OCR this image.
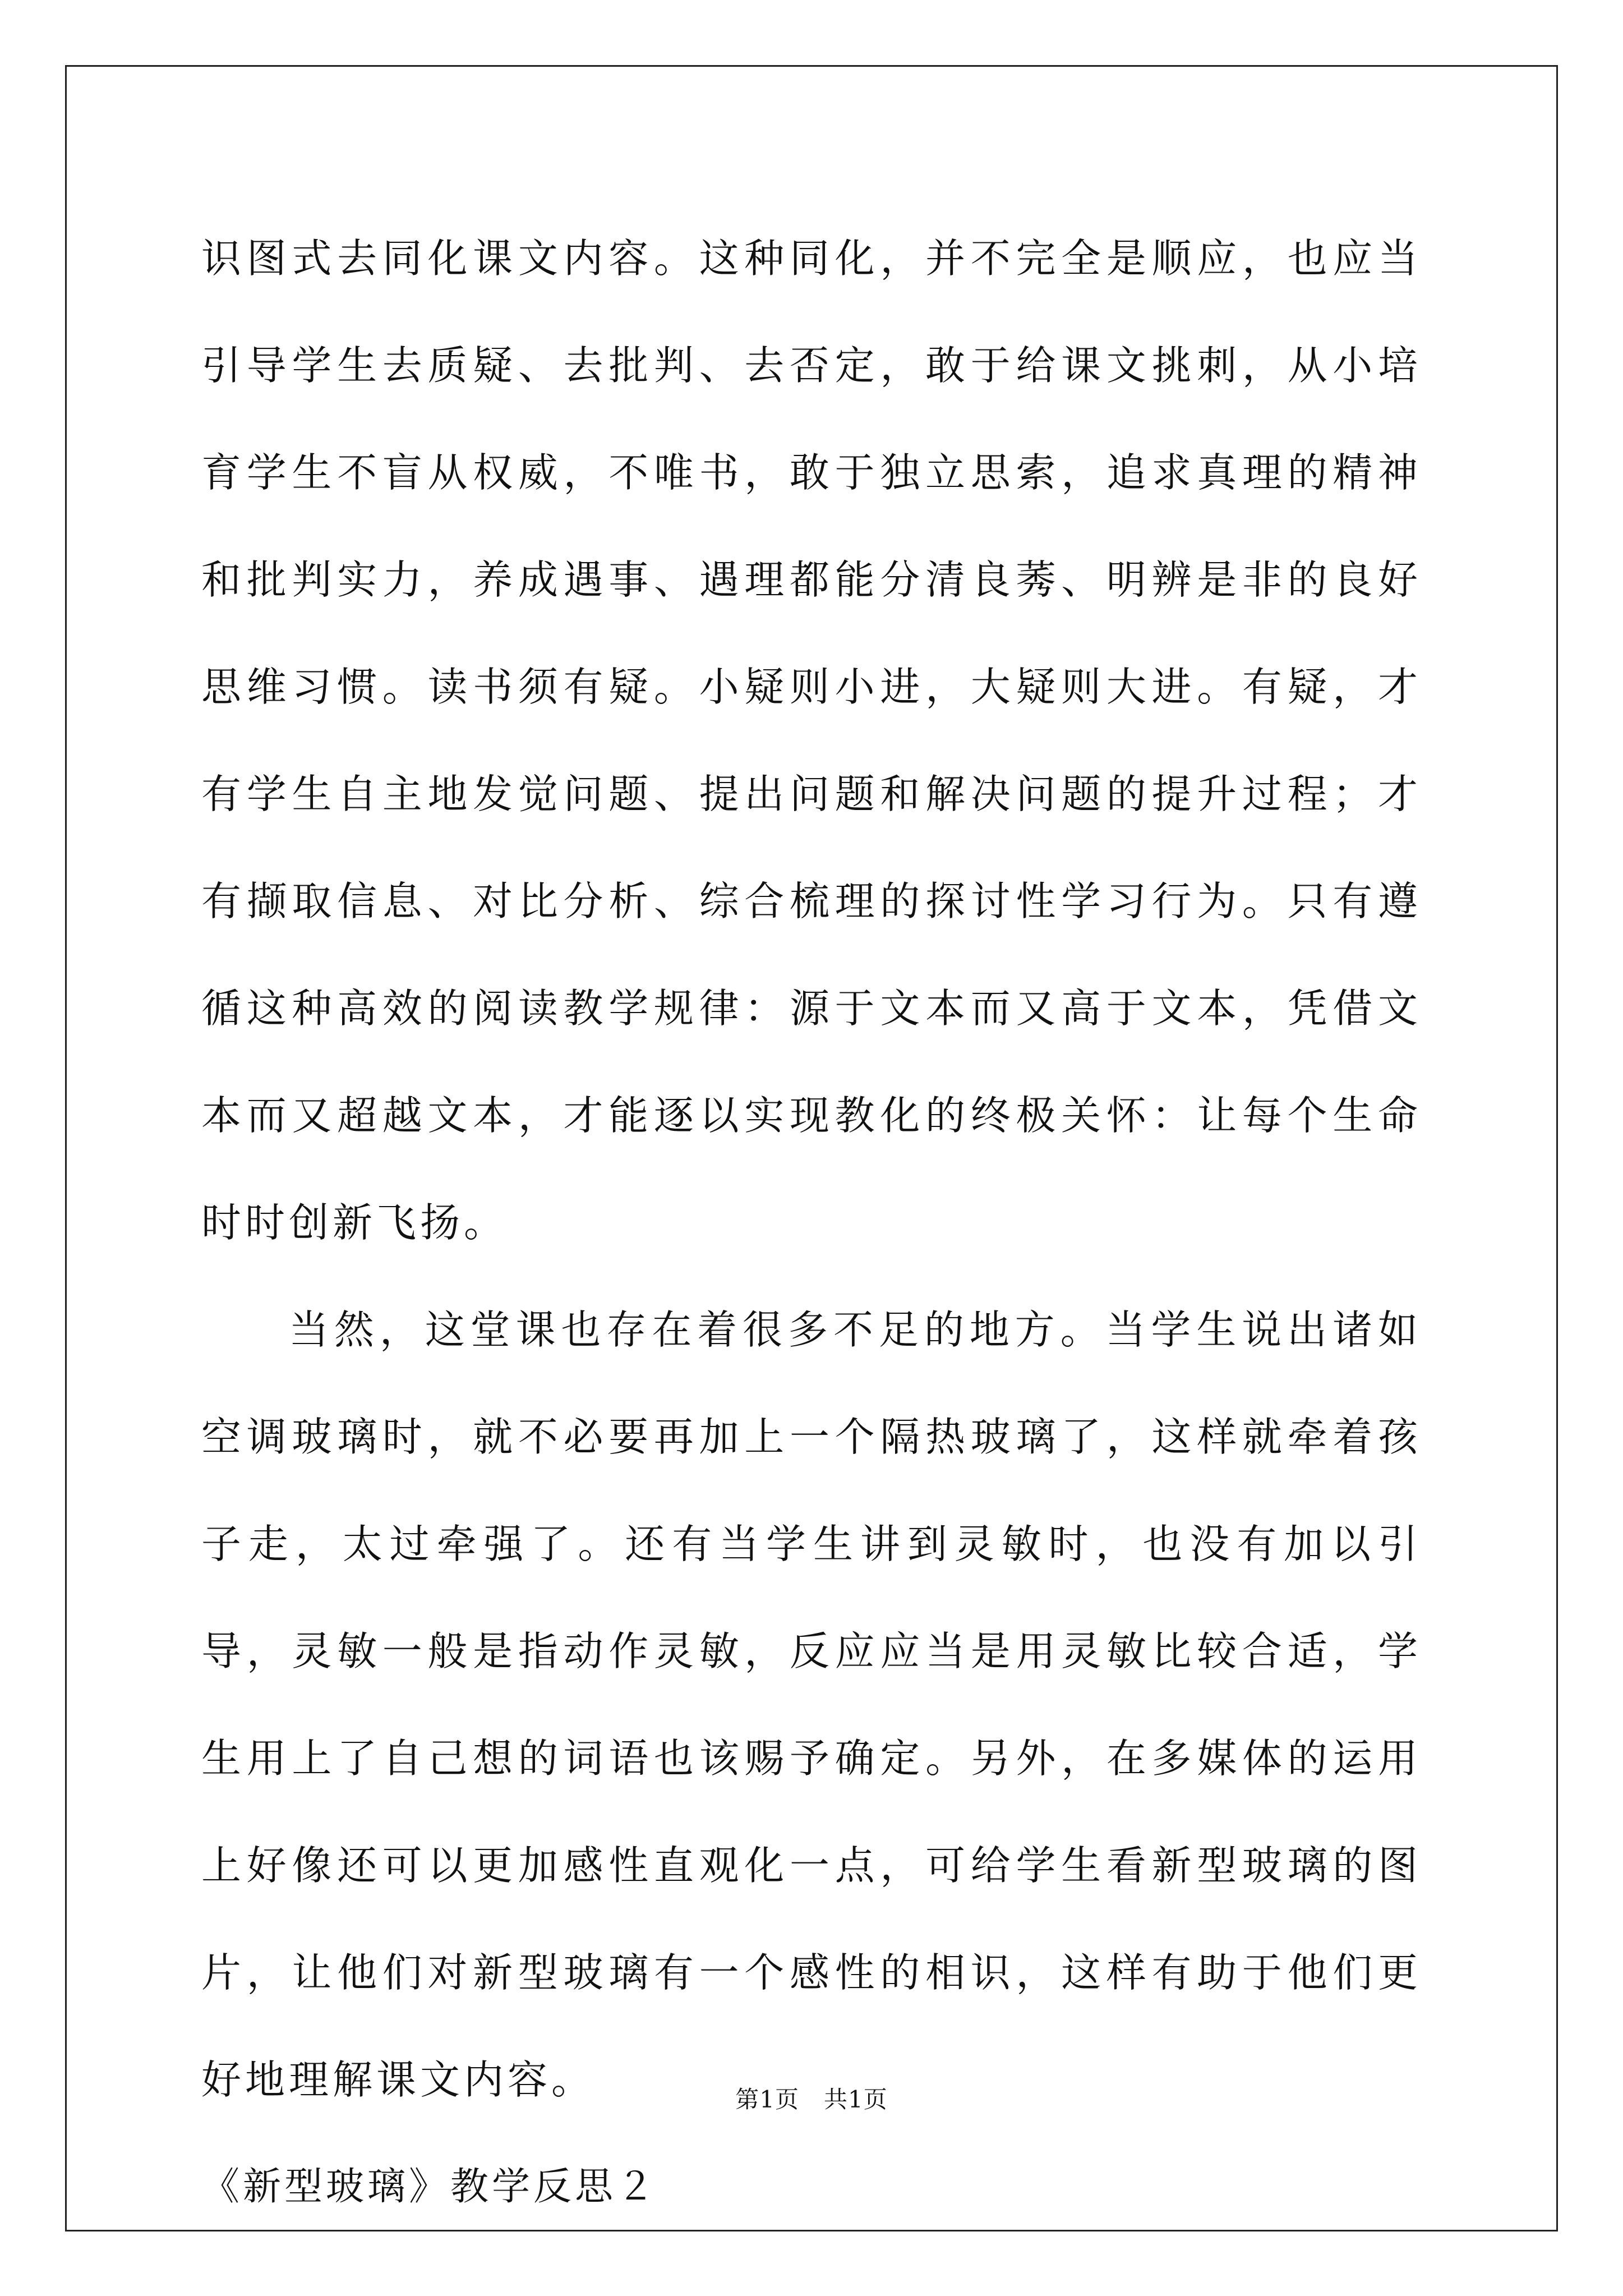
识图式去同化课文内容。这种同化，并不完全是顺应，也应当引导学生去质疑、去批判、去否定，敢于给课文挑刺，从小培育学生不盲从权威，不唯书，敢于独立思索，追求真理的精神和批判实力，养成遇事、遇理都能分清良莠、明辨是非的良好思维习惯。读书须有疑。小疑则小进，大疑则大进。有疑，才有学生自主地发觉问题、提出问题和解决问题的提升过程；才有撷取信息、对比分析、综合梳理的探讨性学习行为。只有遵循这种高效的阅读教学规律：源于文本而又高于文本，凭借文本而又超越文本，才能逐以实现教化的终极关怀：让每个生命时时创新飞扬。

当然，这堂课也存在着很多不足的地方。当学生说出诸如空调玻璃时，就不必要再加上一个隔热玻璃了，这样就牵着孩子走，太过牵强了。还有当学生讲到灵敏时，也没有加以引导，灵敏一般是指动作灵敏，反应应当是用灵敏比较合适，学生用上了自己想的词语也该赐予确定。另外，在多媒体的运用上好像还可以更加感性直观化一点，可给学生看新型玻璃的图片，让他们对新型玻璃有一个感性的相识，这样有助于他们更好地理解课文内容。

《新型玻璃》教学反思２

第1页 共1页
